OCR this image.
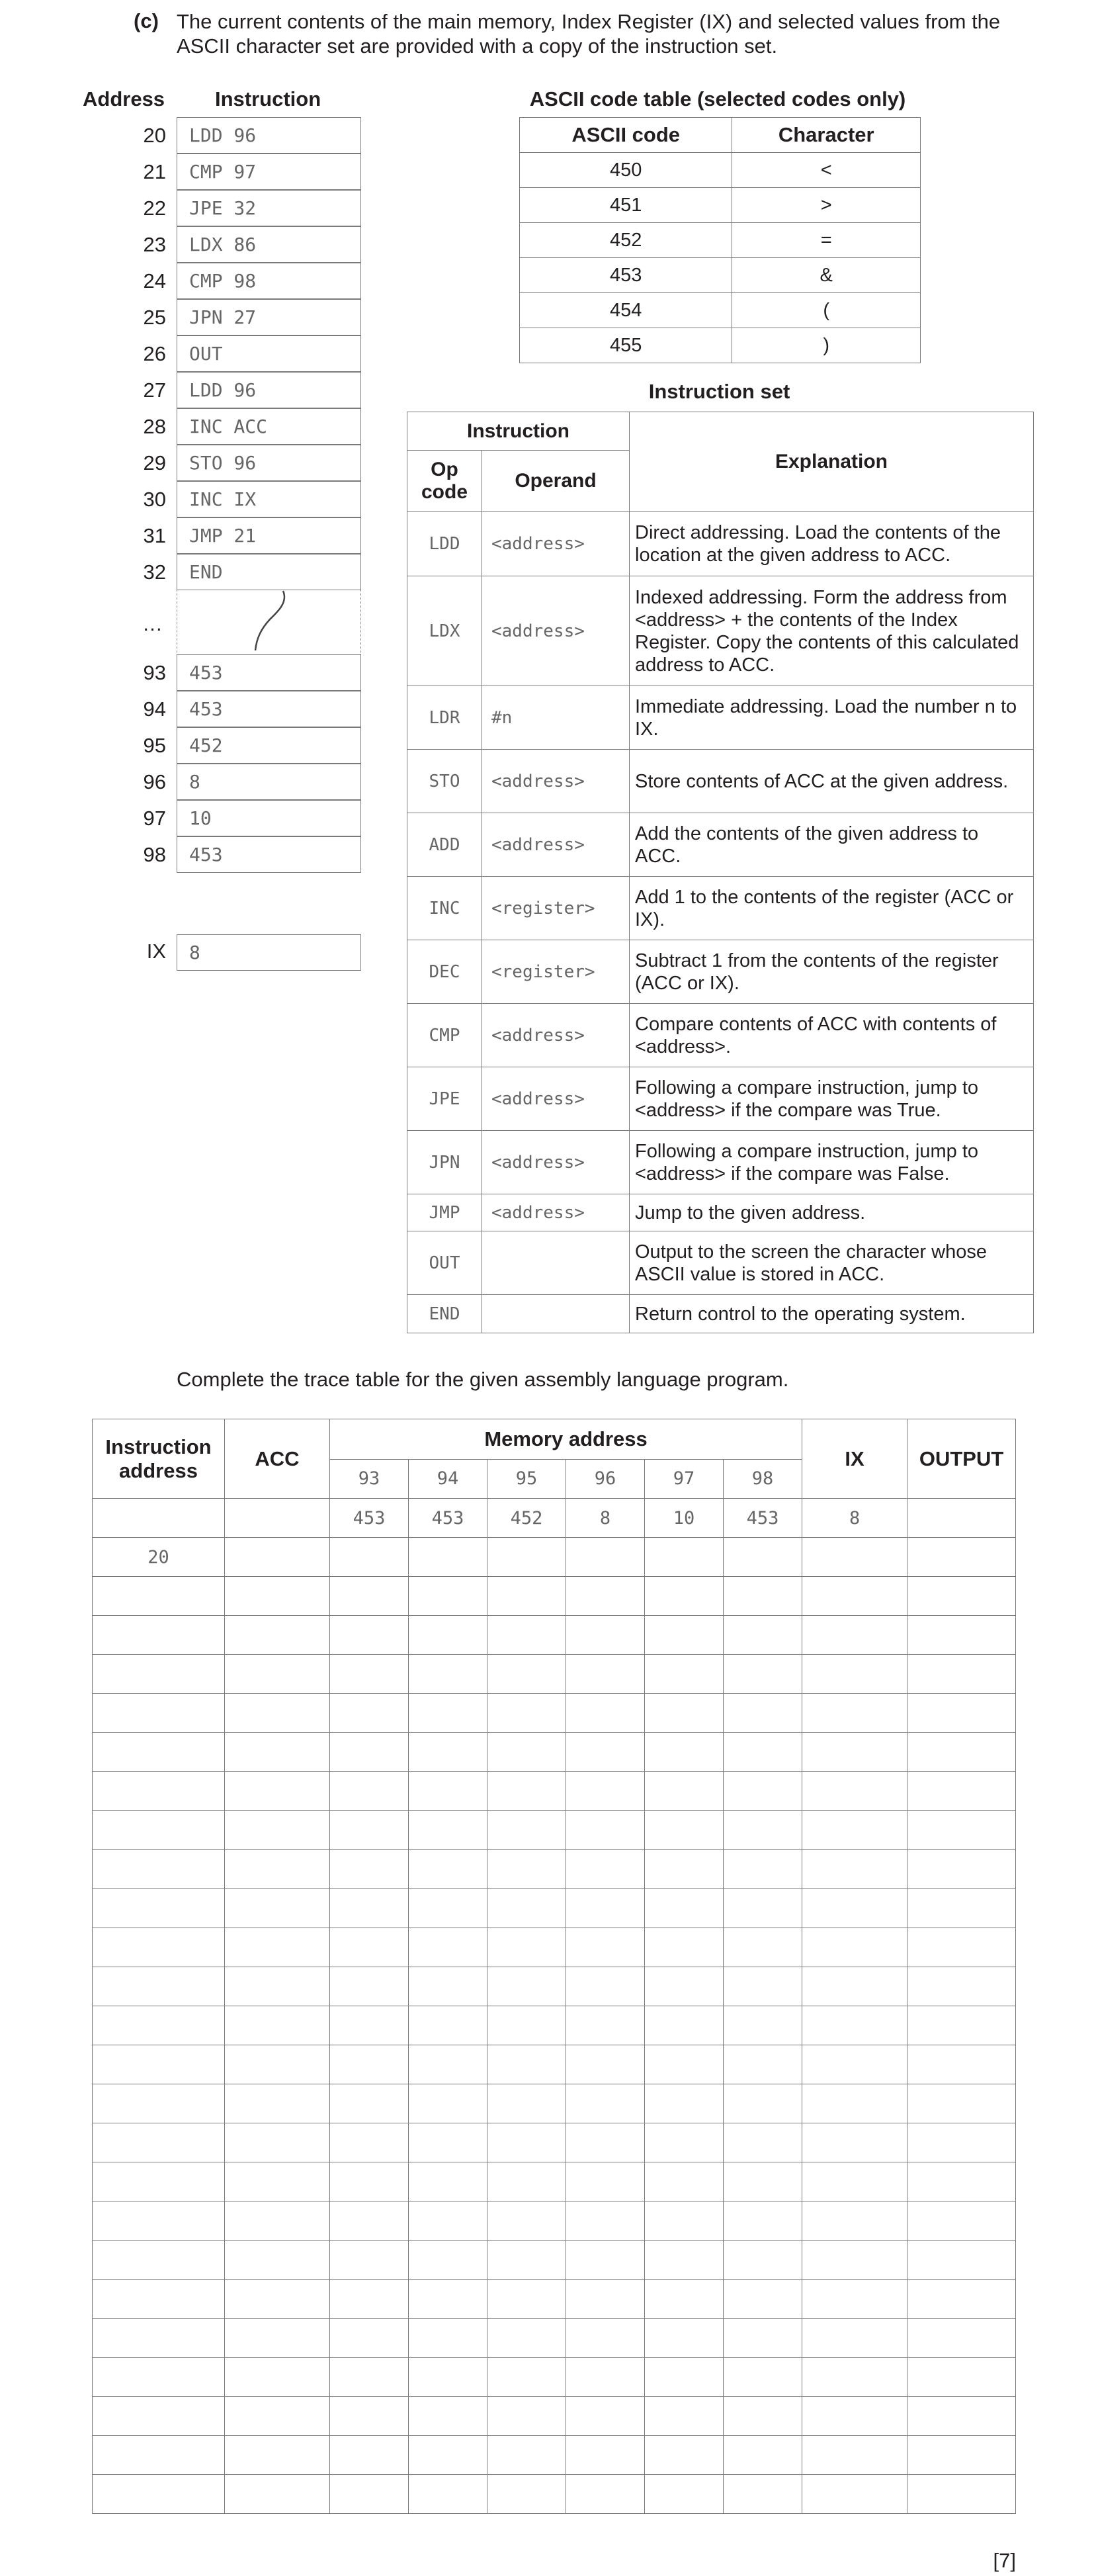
(c) The current contents of the main memory, Index Register (IX) and selected values from the ASCII character set are provided with a copy of the instruction set.
Address Instruction
20	LDD 96
21	CMP 97
22	JPE 32
23	LDX 86
24	CMP 98
25	JPN 27
26	OUT
27	LDD 96
28	INC ACC
29	STO 96
30	INC IX
31	JMP 21
32	END
93	453
94	453
95	452
96	8
97	10
98	453
…
IX	8
ASCII code table (selected codes only)
ASCII code	Character
450	<
451	>
452	=
453	&
454	(
455	)
Instruction set
Instruction		Explanation
Op code	Operand	
LDD	<address>	Direct addressing. Load the contents of the location at the given address to ACC.
LDX	<address>	Indexed addressing. Form the address from <address> + the contents of the Index Register. Copy the contents of this calculated address to ACC.
LDR	#n	Immediate addressing. Load the number n to IX.
STO	<address>	Store contents of ACC at the given address.
ADD	<address>	Add the contents of the given address to ACC.
INC	<register>	Add 1 to the contents of the register (ACC or IX).
DEC	<register>	Subtract 1 from the contents of the register (ACC or IX).
CMP	<address>	Compare contents of ACC with contents of <address>.
JPE	<address>	Following a compare instruction, jump to <address> if the compare was True.
JPN	<address>	Following a compare instruction, jump to <address> if the compare was False.
JMP	<address>	Jump to the given address.
OUT		Output to the screen the character whose ASCII value is stored in ACC.
END		Return control to the operating system.
Complete the trace table for the given assembly language program.
Instruction address	ACC	Memory address						IX	OUTPUT
		93	94	95	96	97	98		
		453	453	452	8	10	453	8	
20									

[7]
